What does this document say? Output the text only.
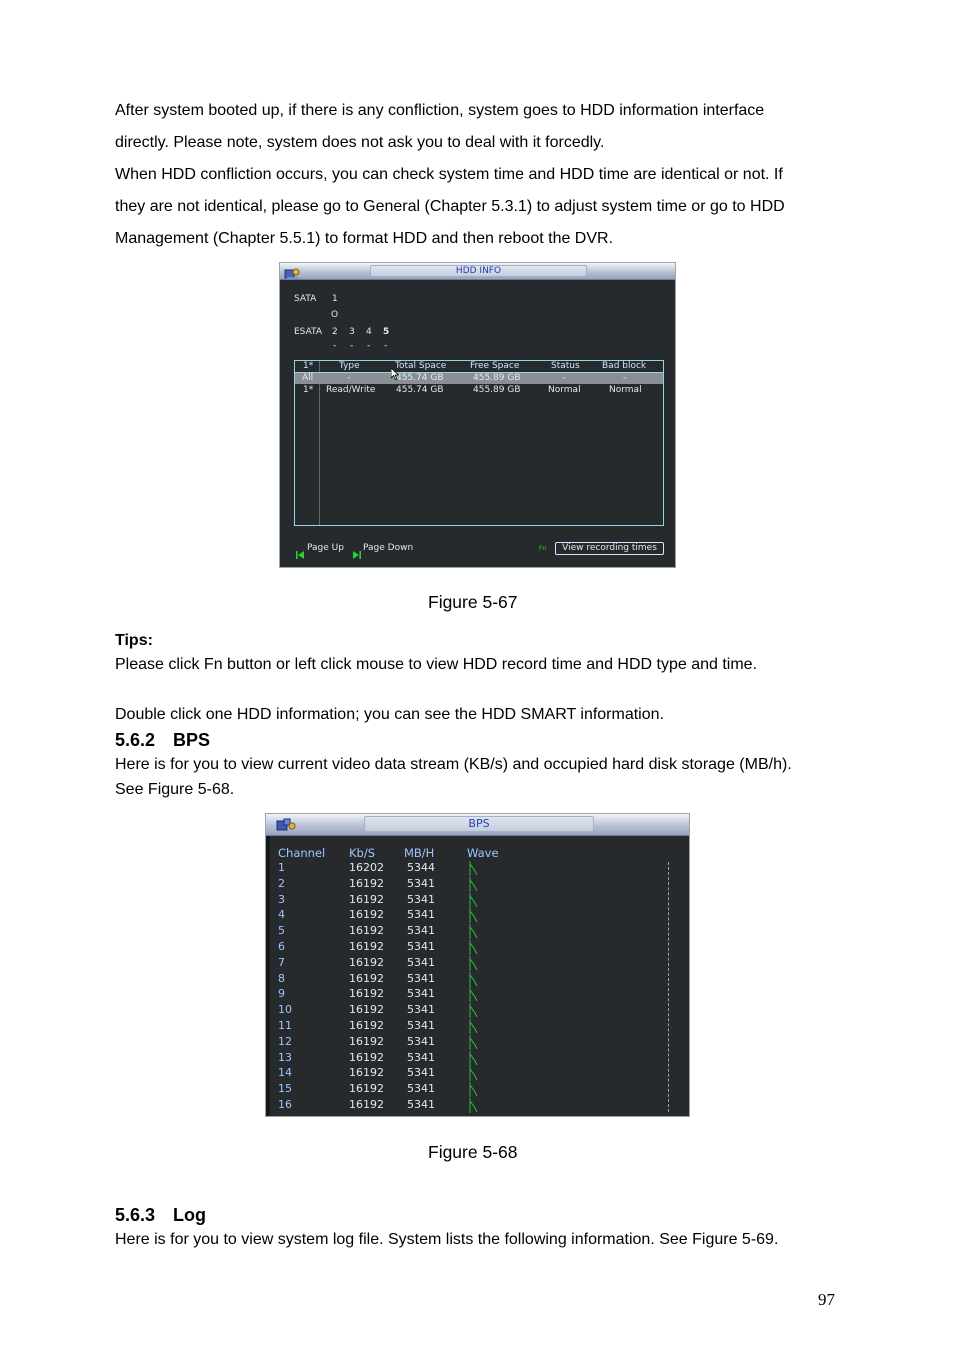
After system booted up, if there is any confliction, system goes to HDD information interface
directly. Please note, system does not ask you to deal with it forcedly.
When HDD confliction occurs, you can check system time and HDD time are identical or not. If
they are not identical, please go to General (Chapter 5.3.1) to adjust system time or go to HDD
Management (Chapter 5.5.1) to format HDD and then reboot the DVR.
HDD INFO
SATA 1
O
ESATA 2 3 4 5
- - - -
1*	Type	Total Space	Free Space	Status Bad block
All	-	455.74 GB	455.89 GB	-	-
1* Read/Write 455.74 GB	455.89 GB	Normal	Normal
Page Up Page Down	Fn	View recording times
Figure 5-67
Tips:
Please click Fn button or left click mouse to view HDD record time and HDD type and time.
Double click one HDD information; you can see the HDD SMART information.
5.6.2 BPS
Here is for you to view current video data stream (KB/s) and occupied hard disk storage (MB/h).
See Figure 5-68.
BPS
Channel Kb/S	MB/H	Wave
1	16202 5344
2	16192 5341
3	16192 5341
4	16192 5341
5	16192 5341
6	16192 5341
7	16192 5341
8	16192 5341
9	16192 5341
10	16192 5341
11	16192 5341
12	16192 5341
13	16192 5341
14	16192 5341
15	16192 5341
16	16192 5341
Figure 5-68
5.6.3 Log
Here is for you to view system log file. System lists the following information. See Figure 5-69.
97
